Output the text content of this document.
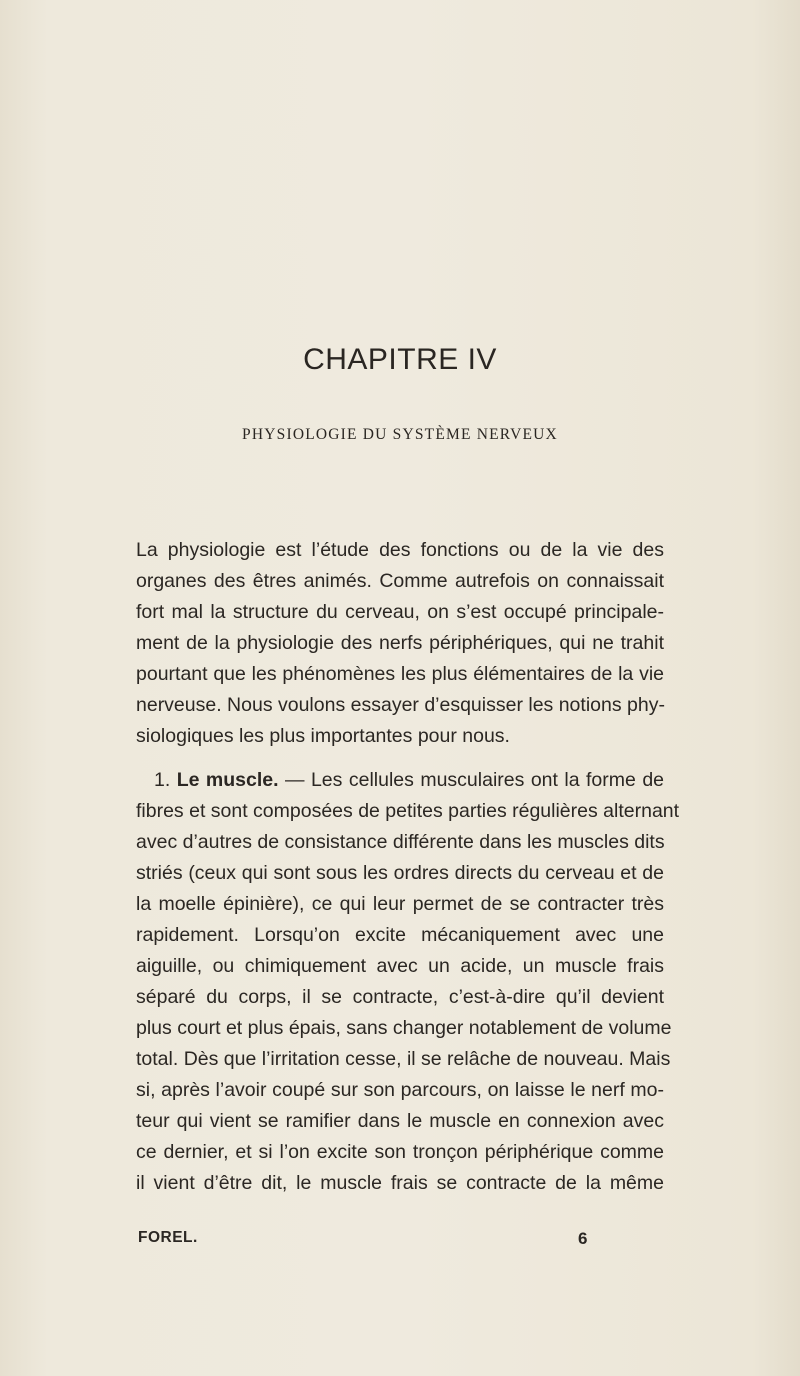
CHAPITRE IV
PHYSIOLOGIE DU SYSTÈME NERVEUX
La physiologie est l’étude des fonctions ou de la vie des
organes des êtres animés. Comme autrefois on connaissait
fort mal la structure du cerveau, on s’est occupé principale-
ment de la physiologie des nerfs périphériques, qui ne trahit
pourtant que les phénomènes les plus élémentaires de la vie
nerveuse. Nous voulons essayer d’esquisser les notions phy-
siologiques les plus importantes pour nous.
1. Le muscle. — Les cellules musculaires ont la forme de
fibres et sont composées de petites parties régulières alternant
avec d’autres de consistance différente dans les muscles dits
striés (ceux qui sont sous les ordres directs du cerveau et de
la moelle épinière), ce qui leur permet de se contracter très
rapidement. Lorsqu’on excite mécaniquement avec une
aiguille, ou chimiquement avec un acide, un muscle frais
séparé du corps, il se contracte, c’est-à-dire qu’il devient
plus court et plus épais, sans changer notablement de volume
total. Dès que l’irritation cesse, il se relâche de nouveau. Mais
si, après l’avoir coupé sur son parcours, on laisse le nerf mo-
teur qui vient se ramifier dans le muscle en connexion avec
ce dernier, et si l’on excite son tronçon périphérique comme
il vient d’être dit, le muscle frais se contracte de la même
FOREL.	6
